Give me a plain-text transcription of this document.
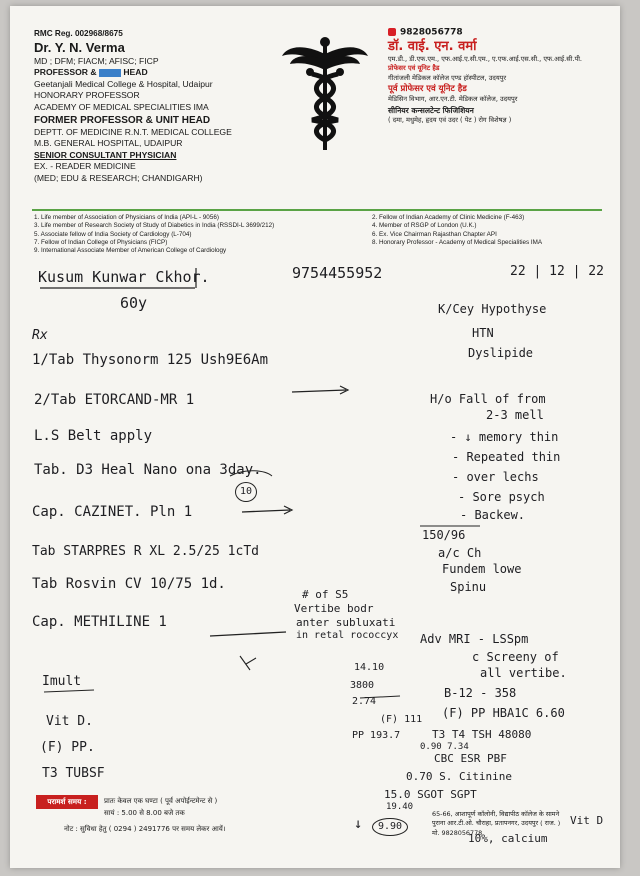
RMC Reg. 002968/8675
Dr. Y. N. Verma
MD ; DFM; FIACM; AFISC; FICP
PROFESSOR &	HEAD
Geetanjali Medical College & Hospital, Udaipur
HONORARY PROFESSOR
ACADEMY OF MEDICAL SPECIALITIES IMA
FORMER PROFESSOR & UNIT HEAD
DEPTT. OF MEDICINE R.N.T. MEDICAL COLLEGE
M.B. GENERAL HOSPITAL, UDAIPUR
SENIOR CONSULTANT PHYSICIAN
EX. - READER MEDICINE
(MED; EDU & RESEARCH; CHANDIGARH)
9828056778
डॉ. वाई. एन. वर्मा
एम.डी., डी.एफ.एम., एफ.आई.ए.सी.एम., ए.एफ.आई.एस.सी., एफ.आई.सी.पी.
प्रोफेसर एवं यूनिट हैड
गीतांजली मेडिकल कॉलेज एण्ड हॉस्पीटल, उदयपुर
पूर्व प्रोफेसर एवं यूनिट हैड
मेडिसिन विभाग, आर.एन.टी. मेडिकल कॉलेज, उदयपुर
सीनियर कन्सलटेन्ट फिजिशियन
( दमा, मधुमेह, हृदय एवं उदर ( पेट ) रोग विशेषज्ञ )
1. Life member of Association of Physicians of India (API-L - 9056)
3. Life member of Research Society of Study of Diabetics in India (RSSDI-L 3699/212)
5. Associate fellow of India Society of Cardiology (L-704)
7. Fellow of Indian College of Physicians (FICP)
9. International Associate Member of American College of Cardiology
2. Fellow of Indian Academy of Clinic Medicine (F-463)
4. Member of RSGP of London (U.K.)
6. Ex. Vice Chairman Rajasthan Chapter API
8. Honorary Professor - Academy of Medical Specialities IMA
Kusum Kunwar Ckhor.	9754455952	22 | 12 | 22
60y
Rx
1/Tab Thysonorm 125 Ush9E6Am
2/Tab ETORCAND-MR 1
L.S Belt apply
Tab. D3 Heal Nano ona 3day.
10
Cap. CAZINET. Pln 1
Tab STARPRES R XL 2.5/25 1cTd
Tab Rosvin CV 10/75 1d.
Cap. METHILINE 1
K/Cey Hypothyse
HTN
Dyslipide
H/o Fall of from
2-3 mell
- ↓ memory thin
- Repeated thin
- over lechs
- Sore psych
- Backew.
150/96
a/c Ch
Fundem lowe
Spinu
# of S5
Vertibe bodr
anter subluxati
in retal rococcyx Adv MRI - LSSpm
c Screeny of
all vertibe.
14.10
3800
2.74
(F) 111
PP 193.7
Imult
Vit D.
(F) PP.
T3 TUBSF
B-12 - 358
(F) PP HBA1C 6.60
T3 T4 TSH 48080
0.90 7.34
CBC ESR PBF
0.70 S. Citinine
15.0 SGOT SGPT
19.40
9.90
↓	Vit D
10%, calcium
परामर्श समय :	प्रातः केवल एक घण्टा ( पूर्व अपोईन्टमेन्ट से )
सायं : 5.00 से 8.00 बजे तक
नोट : सुविधा हेतु ( 0294 ) 2491776 पर समय लेकर आयें।
65-66, आशापूर्ण कॉलोनी, विद्यापीठ कॉलेज के सामने
पुराना आर.टी.ओ. चौराहा, प्रतापनगर, उदयपुर ( राज. )
मो. 9828056778
